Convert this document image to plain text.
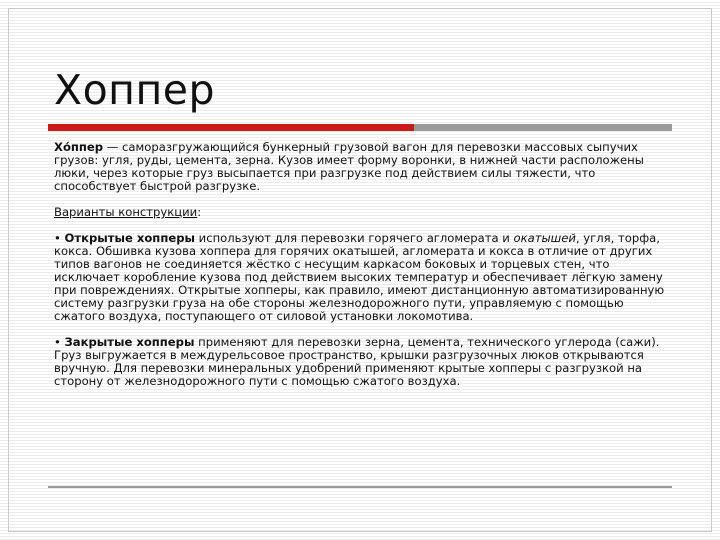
Хоппер

Хо́ппер — саморазгружающийся бункерный грузовой вагон для перевозки массовых сыпучих грузов: угля, руды, цемента, зерна. Кузов имеет форму воронки, в нижней части расположены люки, через которые груз высыпается при разгрузке под действием силы тяжести, что способствует быстрой разгрузке.

Варианты конструкции:

• Открытые хопперы используют для перевозки горячего агломерата и окатышей, угля, торфа, кокса. Обшивка кузова хоппера для горячих окатышей, агломерата и кокса в отличие от других типов вагонов не соединяется жёстко с несущим каркасом боковых и торцевых стен, что исключает коробление кузова под действием высоких температур и обеспечивает лёгкую замену при повреждениях. Открытые хопперы, как правило, имеют дистанционную автоматизированную систему разгрузки груза на обе стороны железнодорожного пути, управляемую с помощью сжатого воздуха, поступающего от силовой установки локомотива.

• Закрытые хопперы применяют для перевозки зерна, цемента, технического углерода (сажи). Груз выгружается в междурельсовое пространство, крышки разгрузочных люков открываются вручную. Для перевозки минеральных удобрений применяют крытые хопперы с разгрузкой на сторону от железнодорожного пути с помощью сжатого воздуха.
